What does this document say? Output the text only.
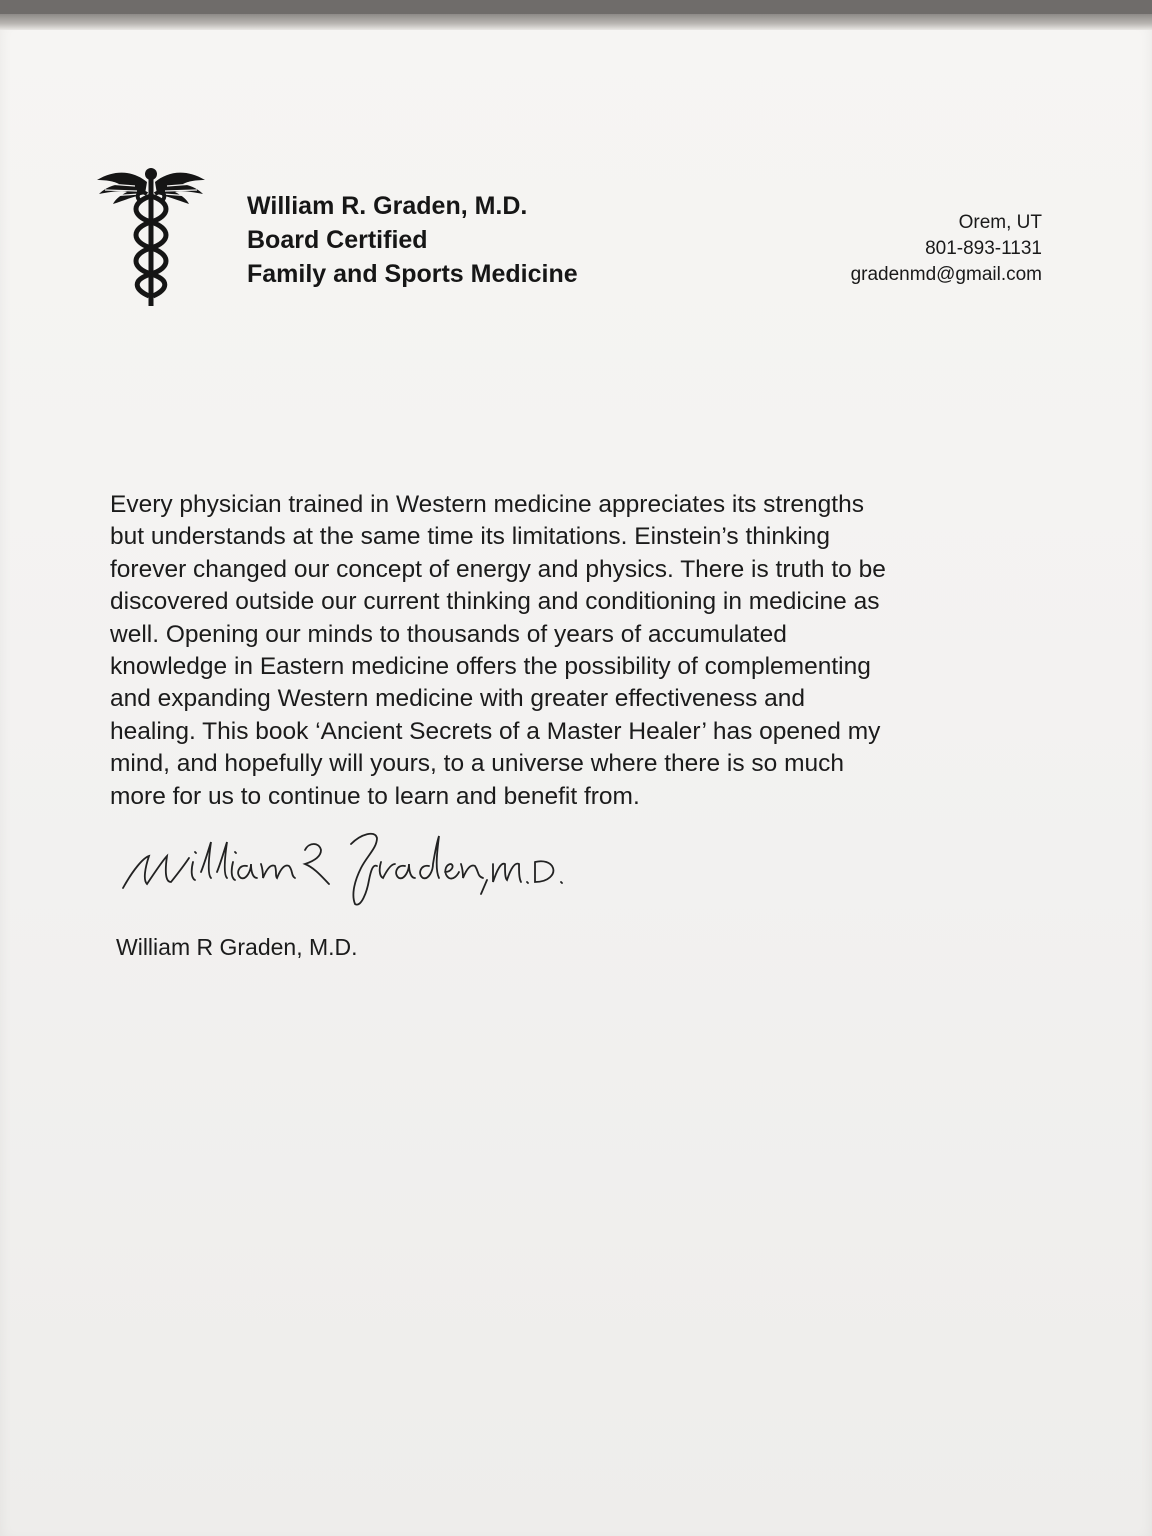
William R. Graden, M.D.
Board Certified
Family and Sports Medicine
Orem, UT
801-893-1131
gradenmd@gmail.com
Every physician trained in Western medicine appreciates its strengths
but understands at the same time its limitations. Einstein’s thinking
forever changed our concept of energy and physics. There is truth to be
discovered outside our current thinking and conditioning in medicine as
well. Opening our minds to thousands of years of accumulated
knowledge in Eastern medicine offers the possibility of complementing
and expanding Western medicine with greater effectiveness and
healing. This book ‘Ancient Secrets of a Master Healer’ has opened my
mind, and hopefully will yours, to a universe where there is so much
more for us to continue to learn and benefit from.
William R Graden, M.D.
